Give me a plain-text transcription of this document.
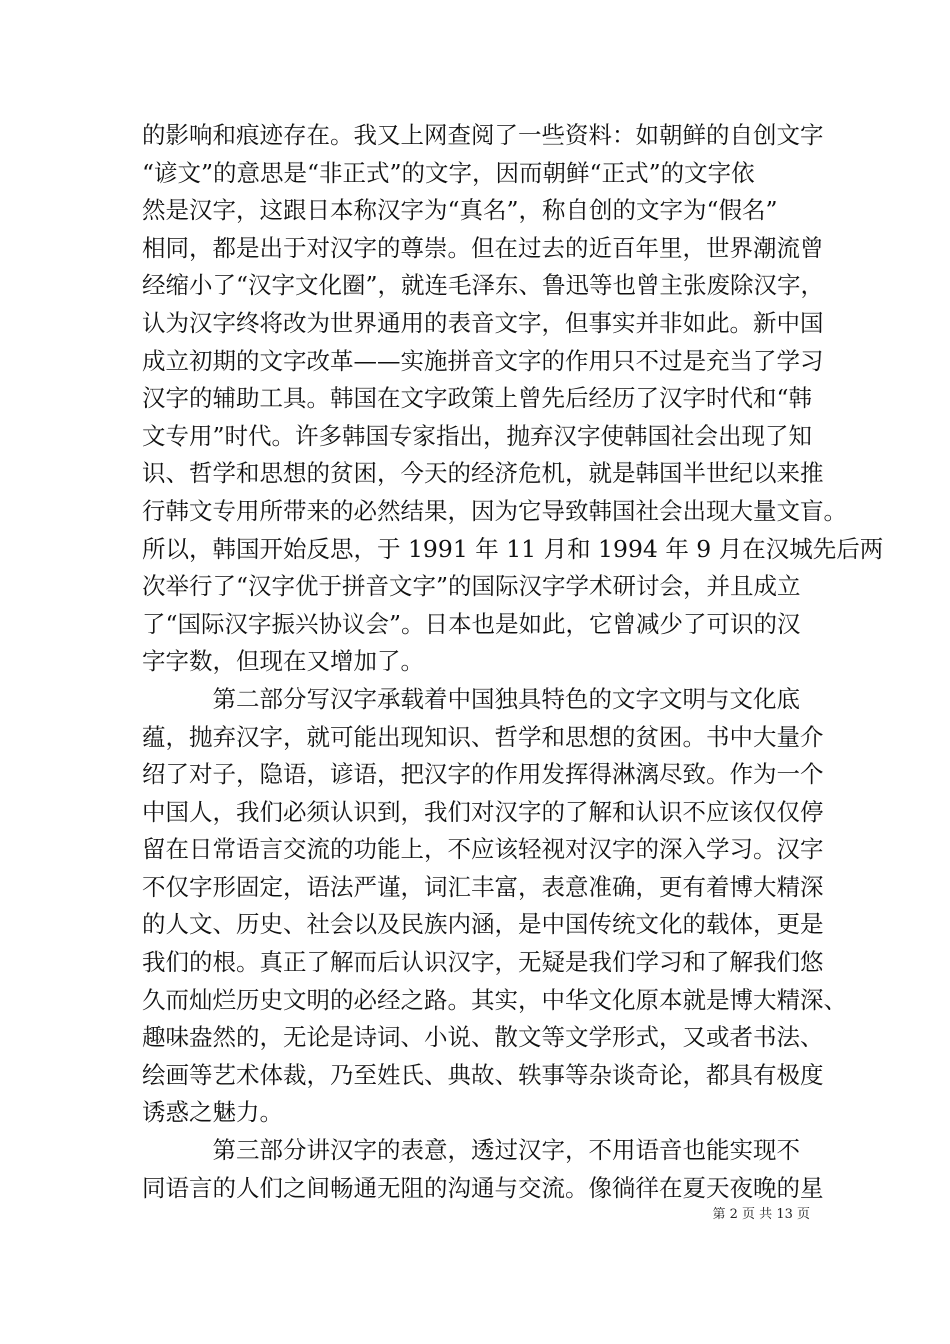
的影响和痕迹存在。我又上网查阅了一些资料：如朝鲜的自创文字
“谚文”的意思是“非正式”的文字，因而朝鲜“正式”的文字依
然是汉字，这跟日本称汉字为“真名”，称自创的文字为“假名”
相同，都是出于对汉字的尊崇。但在过去的近百年里，世界潮流曾
经缩小了“汉字文化圈”，就连毛泽东、鲁迅等也曾主张废除汉字，
认为汉字终将改为世界通用的表音文字，但事实并非如此。新中国
成立初期的文字改革——实施拼音文字的作用只不过是充当了学习
汉字的辅助工具。韩国在文字政策上曾先后经历了汉字时代和“韩
文专用”时代。许多韩国专家指出，抛弃汉字使韩国社会出现了知
识、哲学和思想的贫困，今天的经济危机，就是韩国半世纪以来推
行韩文专用所带来的必然结果，因为它导致韩国社会出现大量文盲。
所以，韩国开始反思，于 1991 年 11 月和 1994 年 9 月在汉城先后两
次举行了“汉字优于拼音文字”的国际汉字学术研讨会，并且成立
了“国际汉字振兴协议会”。日本也是如此，它曾减少了可识的汉
字字数，但现在又增加了。
　　　第二部分写汉字承载着中国独具特色的文字文明与文化底
蕴，抛弃汉字，就可能出现知识、哲学和思想的贫困。书中大量介
绍了对子，隐语，谚语，把汉字的作用发挥得淋漓尽致。作为一个
中国人，我们必须认识到，我们对汉字的了解和认识不应该仅仅停
留在日常语言交流的功能上，不应该轻视对汉字的深入学习。汉字
不仅字形固定，语法严谨，词汇丰富，表意准确，更有着博大精深
的人文、历史、社会以及民族内涵，是中国传统文化的载体，更是
我们的根。真正了解而后认识汉字，无疑是我们学习和了解我们悠
久而灿烂历史文明的必经之路。其实，中华文化原本就是博大精深、
趣味盎然的，无论是诗词、小说、散文等文学形式，又或者书法、
绘画等艺术体裁，乃至姓氏、典故、轶事等杂谈奇论，都具有极度
诱惑之魅力。
　　　第三部分讲汉字的表意，透过汉字，不用语音也能实现不
同语言的人们之间畅通无阻的沟通与交流。像徜徉在夏天夜晚的星
第 2 页 共 13 页
